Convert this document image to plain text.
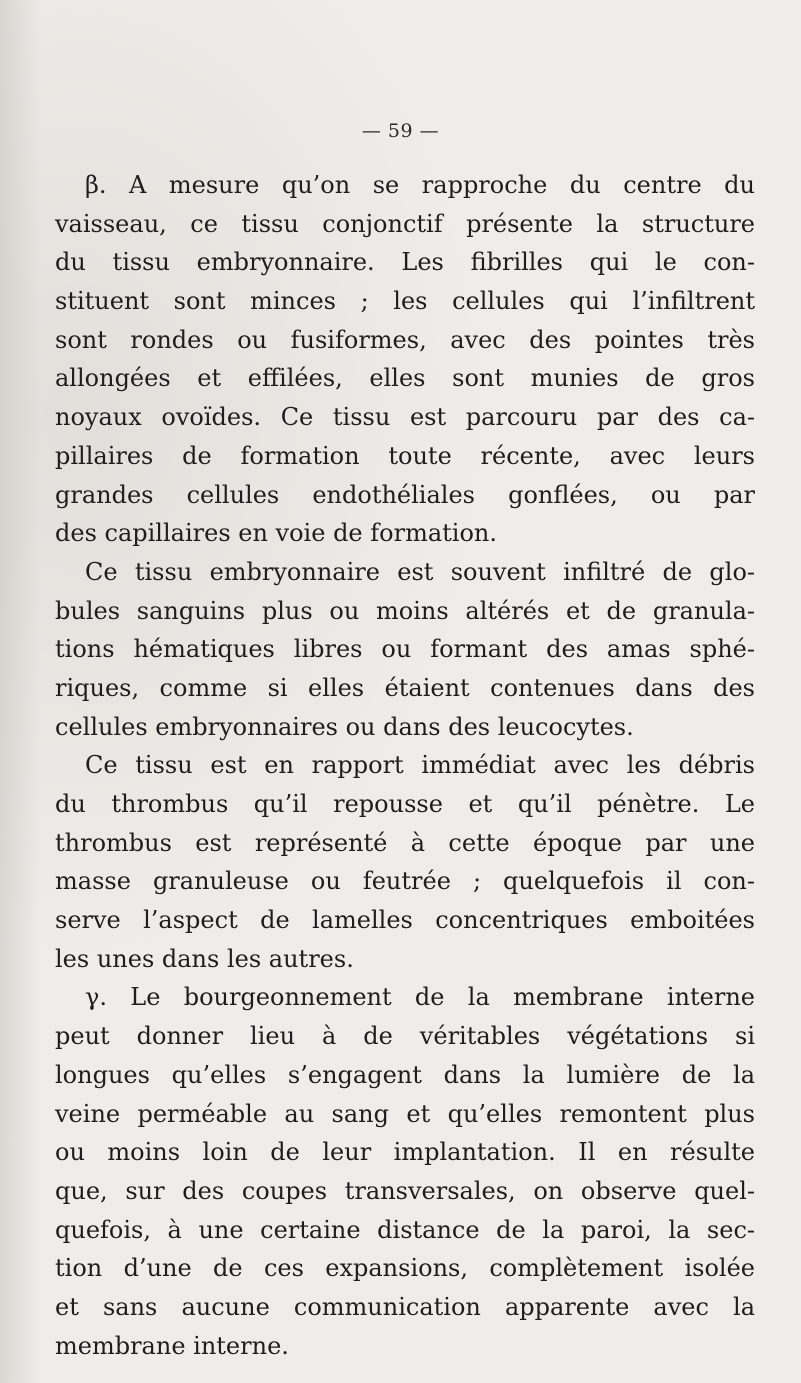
— 59 —
β. A mesure qu’on se rapproche du centre du
vaisseau, ce tissu conjonctif présente la structure
du tissu embryonnaire. Les fibrilles qui le con-
stituent sont minces ; les cellules qui l’infiltrent
sont rondes ou fusiformes, avec des pointes très
allongées et effilées, elles sont munies de gros
noyaux ovoïdes. Ce tissu est parcouru par des ca-
pillaires de formation toute récente, avec leurs
grandes cellules endothéliales gonflées, ou par
des capillaires en voie de formation.
Ce tissu embryonnaire est souvent infiltré de glo-
bules sanguins plus ou moins altérés et de granula-
tions hématiques libres ou formant des amas sphé-
riques, comme si elles étaient contenues dans des
cellules embryonnaires ou dans des leucocytes.
Ce tissu est en rapport immédiat avec les débris
du thrombus qu’il repousse et qu’il pénètre. Le
thrombus est représenté à cette époque par une
masse granuleuse ou feutrée ; quelquefois il con-
serve l’aspect de lamelles concentriques emboitées
les unes dans les autres.
γ. Le bourgeonnement de la membrane interne
peut donner lieu à de véritables végétations si
longues qu’elles s’engagent dans la lumière de la
veine perméable au sang et qu’elles remontent plus
ou moins loin de leur implantation. Il en résulte
que, sur des coupes transversales, on observe quel-
quefois, à une certaine distance de la paroi, la sec-
tion d’une de ces expansions, complètement isolée
et sans aucune communication apparente avec la
membrane interne.
